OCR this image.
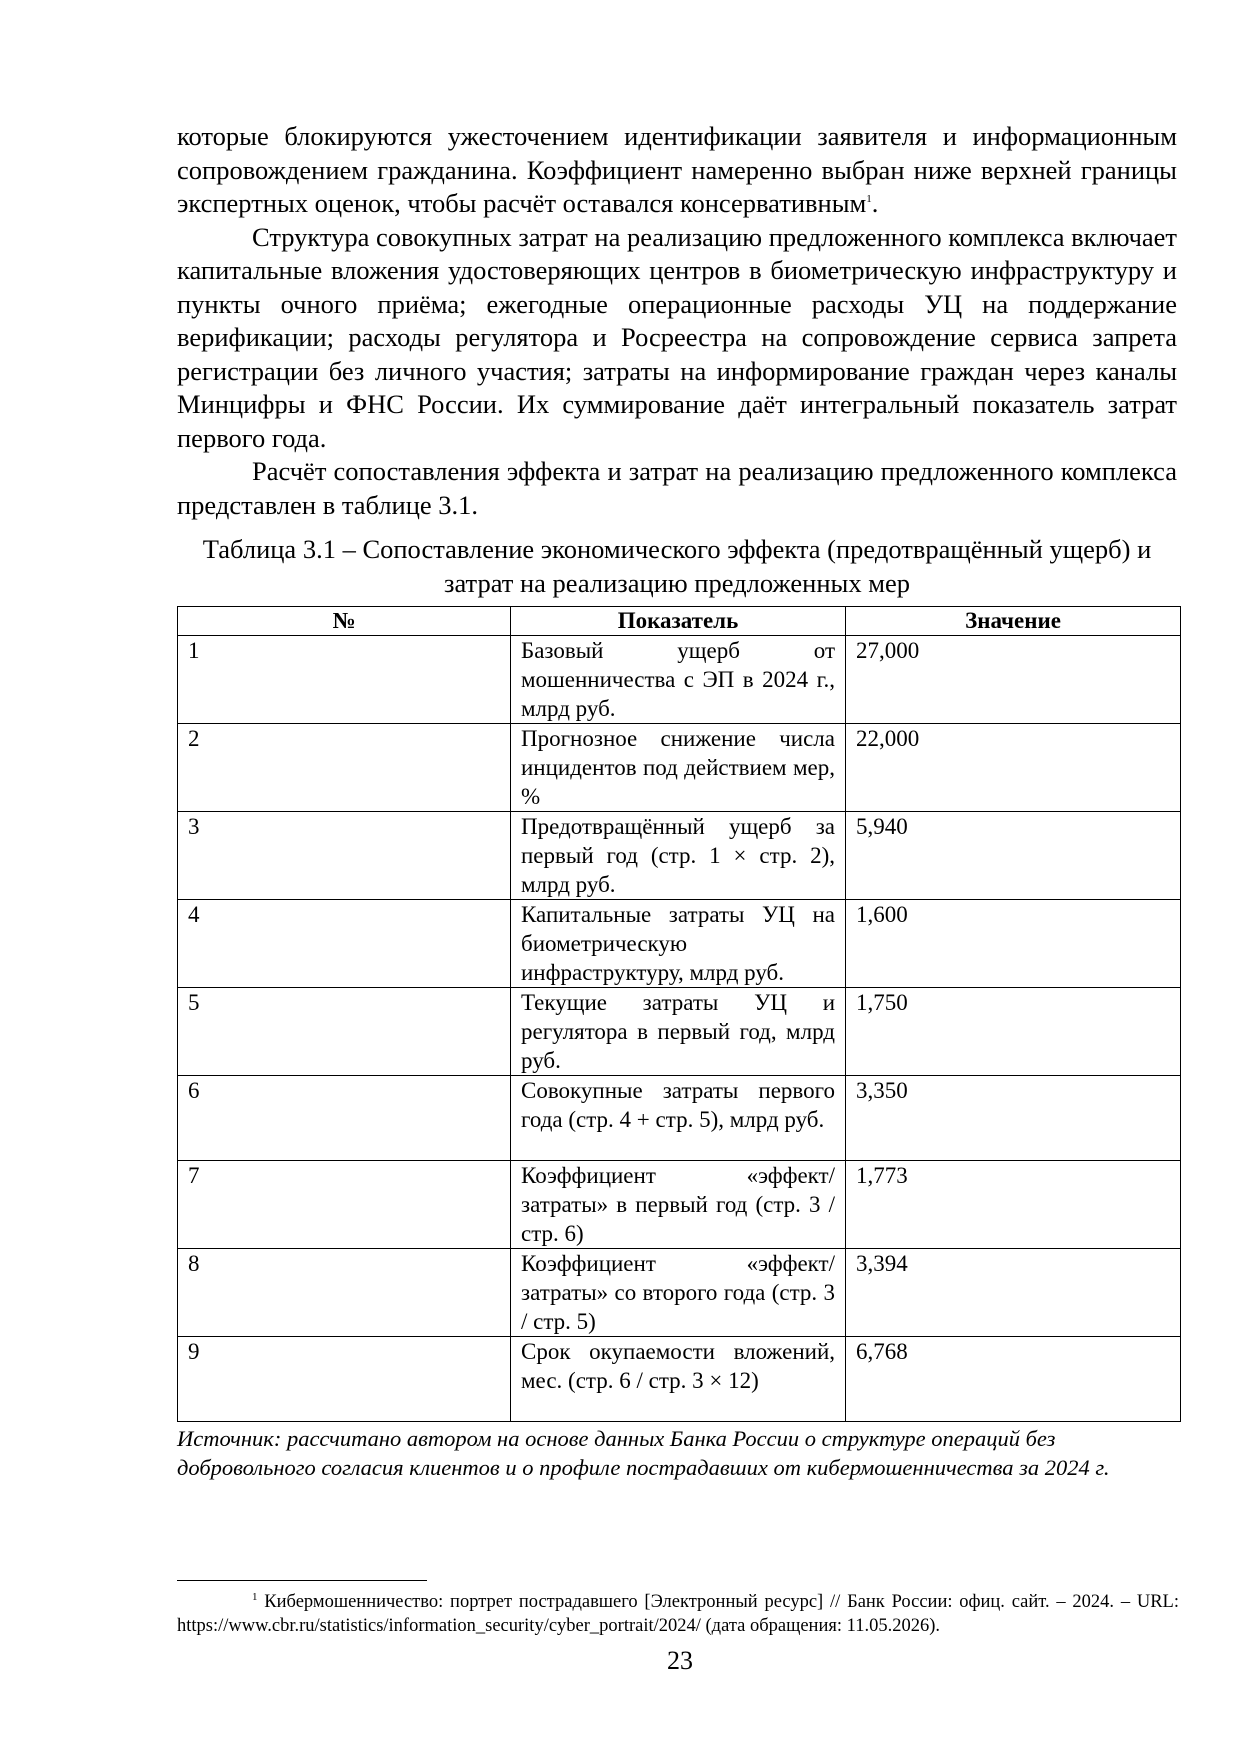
которые блокируются ужесточением идентификации заявителя и информационным сопровождением гражданина. Коэффициент намеренно выбран ниже верхней границы экспертных оценок, чтобы расчёт оставался консервативным$^1$.

Структура совокупных затрат на реализацию предложенного комплекса включает капитальные вложения удостоверяющих центров в биометрическую инфраструктуру и пункты очного приёма; ежегодные операционные расходы УЦ на поддержание верификации; расходы регулятора и Росреестра на сопровождение сервиса запрета регистрации без личного участия; затраты на информирование граждан через каналы Минцифры и ФНС России. Их суммирование даёт интегральный показатель затрат первого года.

Расчёт сопоставления эффекта и затрат на реализацию предложенного комплекса представлен в таблице 3.1.

Таблица 3.1 – Сопоставление экономического эффекта (предотвращённый ущерб) и затрат на реализацию предложенных мер

№	Показатель	Значение
1	Базовый ущерб от мошенничества с ЭП в 2024 г., млрд руб.	27,000
2	Прогнозное снижение числа инцидентов под действием мер, %	22,000
3	Предотвращённый ущерб за первый год (стр. 1 × стр. 2), млрд руб.	5,940
4	Капитальные затраты УЦ на биометрическую инфраструктуру, млрд руб.	1,600
5	Текущие затраты УЦ и регулятора в первый год, млрд руб.	1,750
6	Совокупные затраты первого года (стр. 4 + стр. 5), млрд руб.	3,350
7	Коэффициент «эффект/затраты» в первый год (стр. 3 / стр. 6)	1,773
8	Коэффициент «эффект/затраты» со второго года (стр. 3 / стр. 5)	3,394
9	Срок окупаемости вложений, мес. (стр. 6 / стр. 3 × 12)	6,768

Источник: рассчитано автором на основе данных Банка России о структуре операций без добровольного согласия клиентов и о профиле пострадавших от кибермошенничества за 2024 г.

$^1$ Кибермошенничество: портрет пострадавшего [Электронный ресурс] // Банк России: офиц. сайт. – 2024. – URL: https://www.cbr.ru/statistics/information_security/cyber_portrait/2024/ (дата обращения: 11.05.2026).

23
